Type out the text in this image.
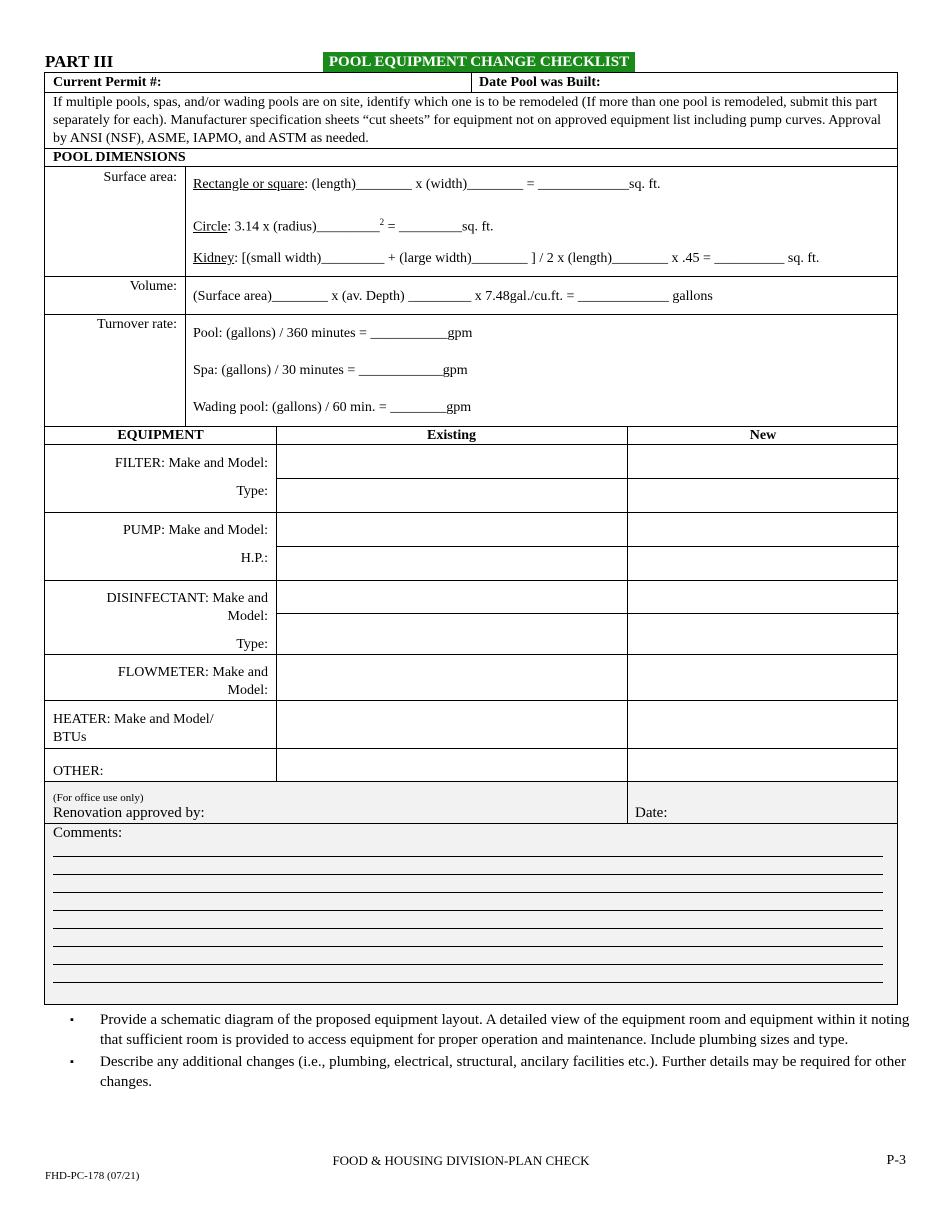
PART III	POOL EQUIPMENT CHANGE CHECKLIST
Current Permit #:	Date Pool was Built:
If multiple pools, spas, and/or wading pools are on site, identify which one is to be remodeled (If more than one pool is remodeled, submit this part separately for each). Manufacturer specification sheets “cut sheets” for equipment not on approved equipment list including pump curves. Approval by ANSI (NSF), ASME, IAPMO, and ASTM as needed.
POOL DIMENSIONS
Surface area: Rectangle or square: (length)________ x (width)________ = _____________sq. ft.
Circle: 3.14 x (radius)_________$^2$ = _________sq. ft.
Kidney: [(small width)_________ + (large width)________ ] / 2 x (length)________ x .45 = __________ sq. ft.
Volume:
(Surface area)________ x (av. Depth) _________ x 7.48gal./cu.ft. = _____________ gallons
Turnover rate:
Pool: (gallons) / 360 minutes = ___________gpm
Spa: (gallons) / 30 minutes = ____________gpm
Wading pool: (gallons) / 60 min. = ________gpm
EQUIPMENT	Existing	New
FILTER: Make and Model:
Type:
PUMP: Make and Model:
H.P.:
DISINFECTANT: Make and
Model:
Type:
FLOWMETER: Make and
Model:
HEATER: Make and Model/
BTUs
OTHER:
(For office use only)
Renovation approved by:	Date:
Comments:
▪ Provide a schematic diagram of the proposed equipment layout. A detailed view of the equipment room and equipment within it noting that sufficient room is provided to access equipment for proper operation and maintenance. Include plumbing sizes and type.
▪ Describe any additional changes (i.e., plumbing, electrical, structural, ancilary facilities etc.). Further details may be required for other changes.
FOOD & HOUSING DIVISION-PLAN CHECK	P-3
FHD-PC-178 (07/21)
